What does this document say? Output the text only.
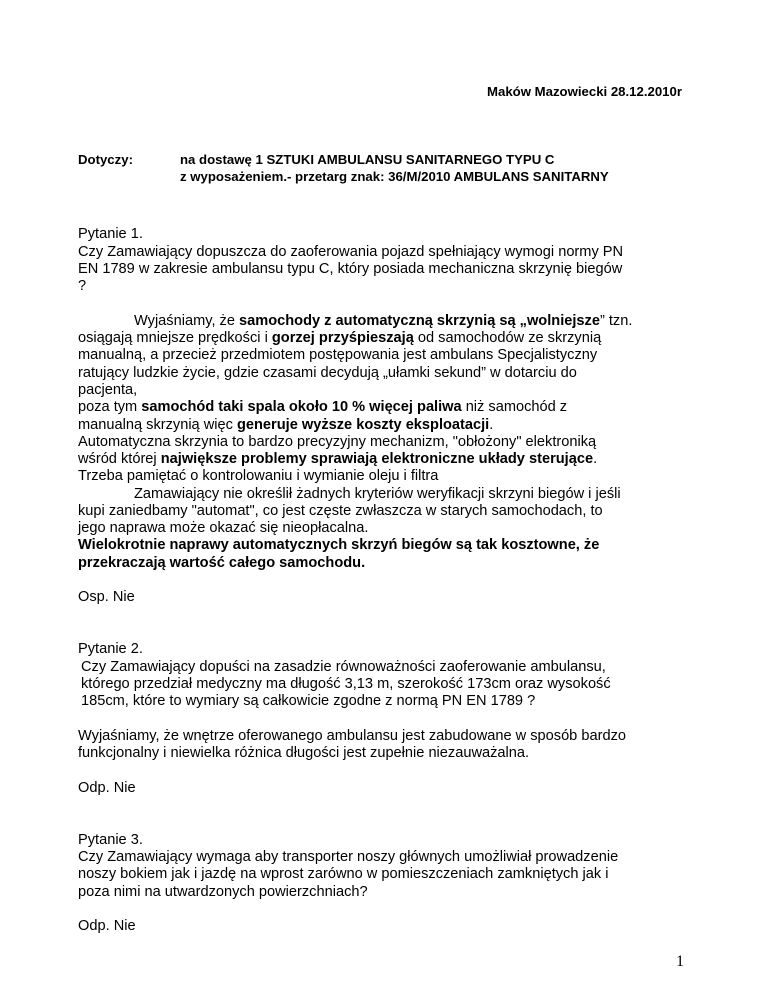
Maków Mazowiecki 28.12.2010r
Dotyczy:	na dostawę 1 SZTUKI AMBULANSU SANITARNEGO TYPU C
z wyposażeniem.- przetarg znak: 36/M/2010 AMBULANS SANITARNY
Pytanie 1.
Czy Zamawiający dopuszcza do zaoferowania pojazd spełniający wymogi normy PN
EN 1789 w zakresie ambulansu typu C, który posiada mechaniczna skrzynię biegów
?
Wyjaśniamy, że samochody z automatyczną skrzynią są „wolniejsze” tzn.
osiągają mniejsze prędkości i gorzej przyśpieszają od samochodów ze skrzynią
manualną, a przecież przedmiotem postępowania jest ambulans Specjalistyczny
ratujący ludzkie życie, gdzie czasami decydują „ułamki sekund” w dotarciu do
pacjenta,
poza tym samochód taki spala około 10 % więcej paliwa niż samochód z
manualną skrzynią więc generuje wyższe koszty eksploatacji.
Automatyczna skrzynia to bardzo precyzyjny mechanizm, "obłożony" elektroniką
wśród której największe problemy sprawiają elektroniczne układy sterujące.
Trzeba pamiętać o kontrolowaniu i wymianie oleju i filtra
Zamawiający nie określił żadnych kryteriów weryfikacji skrzyni biegów i jeśli
kupi zaniedbamy "automat", co jest częste zwłaszcza w starych samochodach, to
jego naprawa może okazać się nieopłacalna.
Wielokrotnie naprawy automatycznych skrzyń biegów są tak kosztowne, że
przekraczają wartość całego samochodu.
Osp. Nie
Pytanie 2.
Czy Zamawiający dopuści na zasadzie równoważności zaoferowanie ambulansu,
którego przedział medyczny ma długość 3,13 m, szerokość 173cm oraz wysokość
185cm, które to wymiary są całkowicie zgodne z normą PN EN 1789 ?
Wyjaśniamy, że wnętrze oferowanego ambulansu jest zabudowane w sposób bardzo
funkcjonalny i niewielka różnica długości jest zupełnie niezauważalna.
Odp. Nie
Pytanie 3.
Czy Zamawiający wymaga aby transporter noszy głównych umożliwiał prowadzenie
noszy bokiem jak i jazdę na wprost zarówno w pomieszczeniach zamkniętych jak i
poza nimi na utwardzonych powierzchniach?
Odp. Nie
1
